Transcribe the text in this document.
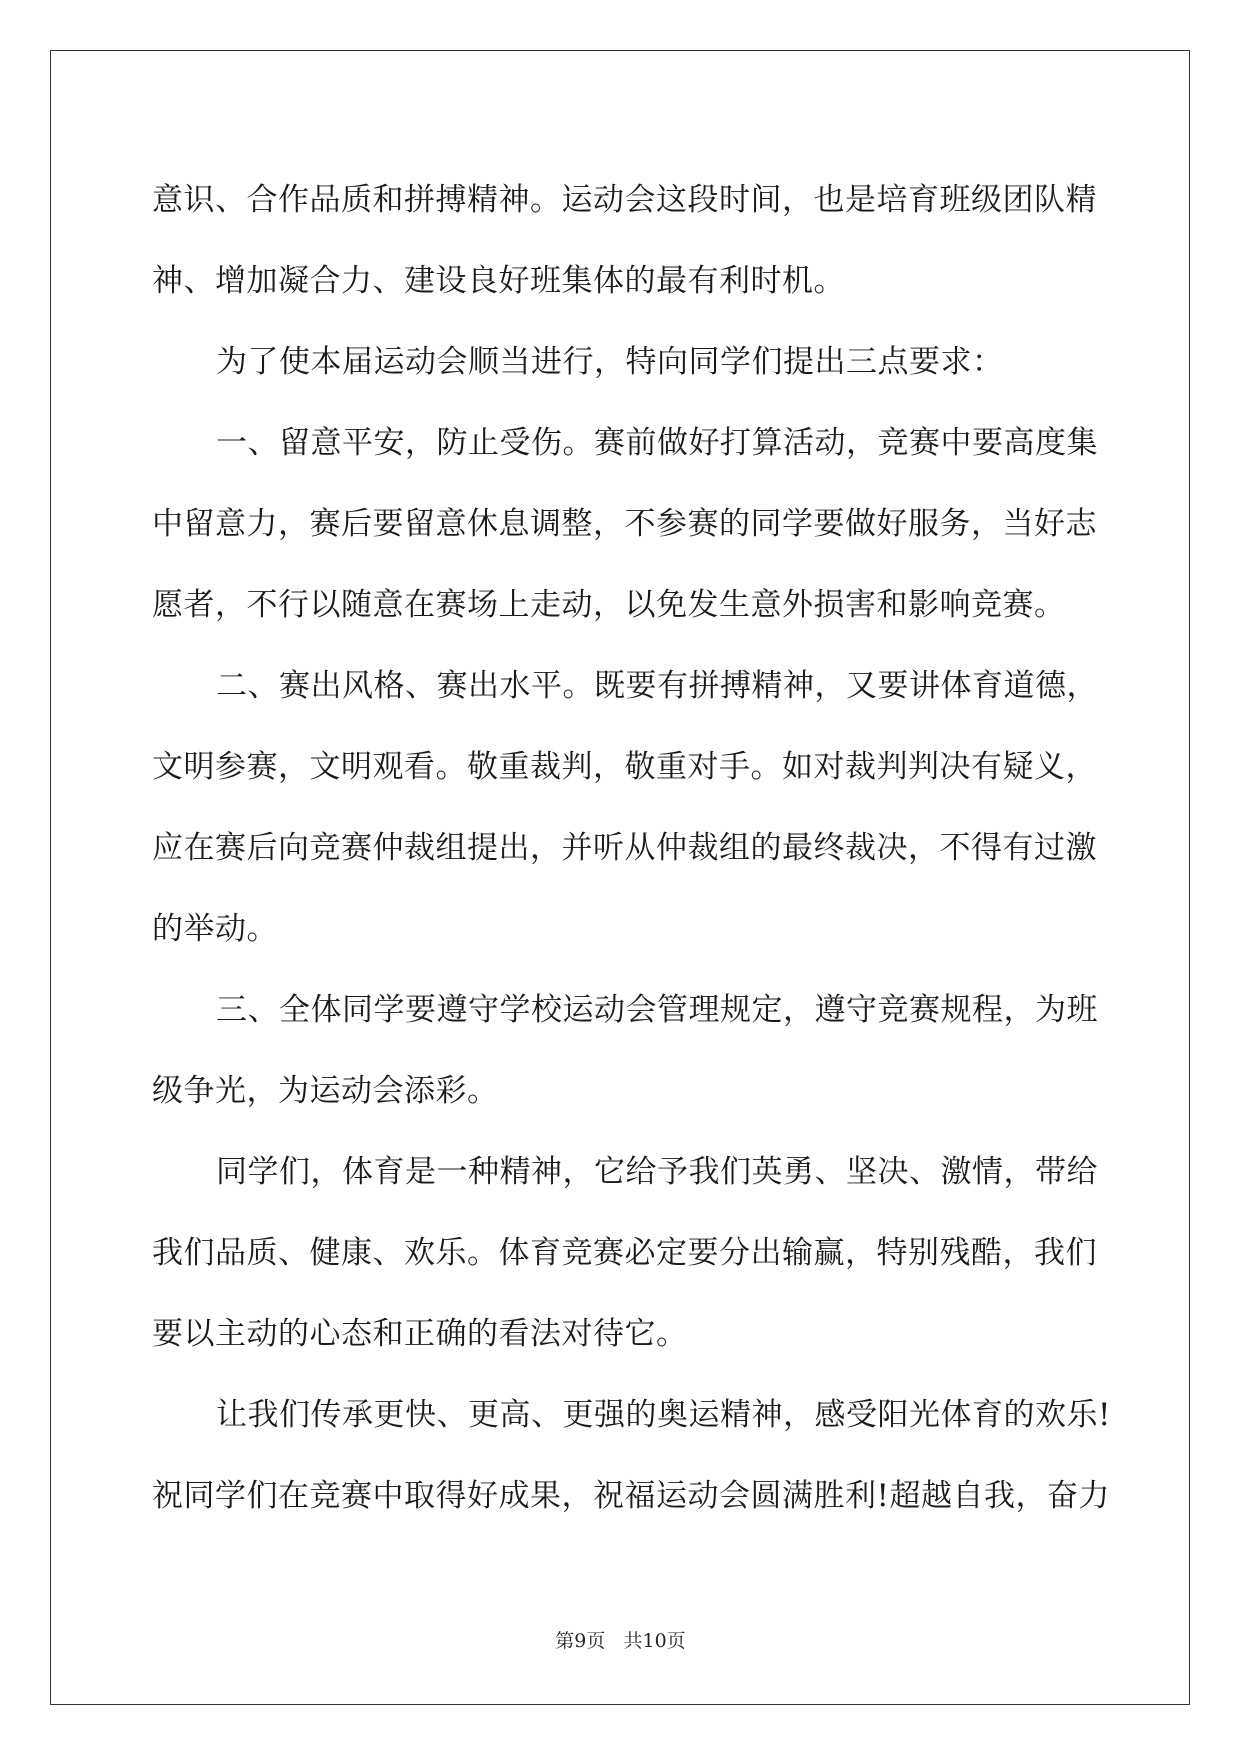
意识、合作品质和拼搏精神。运动会这段时间，也是培育班级团队精
神、增加凝合力、建设良好班集体的最有利时机。
为了使本届运动会顺当进行，特向同学们提出三点要求：
一、留意平安，防止受伤。赛前做好打算活动，竞赛中要高度集
中留意力，赛后要留意休息调整，不参赛的同学要做好服务，当好志
愿者，不行以随意在赛场上走动，以免发生意外损害和影响竞赛。
二、赛出风格、赛出水平。既要有拼搏精神，又要讲体育道德，
文明参赛，文明观看。敬重裁判，敬重对手。如对裁判判决有疑义，
应在赛后向竞赛仲裁组提出，并听从仲裁组的最终裁决，不得有过激
的举动。
三、全体同学要遵守学校运动会管理规定，遵守竞赛规程，为班
级争光，为运动会添彩。
同学们，体育是一种精神，它给予我们英勇、坚决、激情，带给
我们品质、健康、欢乐。体育竞赛必定要分出输赢，特别残酷，我们
要以主动的心态和正确的看法对待它。
让我们传承更快、更高、更强的奥运精神，感受阳光体育的欢乐!
祝同学们在竞赛中取得好成果，祝福运动会圆满胜利!超越自我，奋力
第9页   共10页
